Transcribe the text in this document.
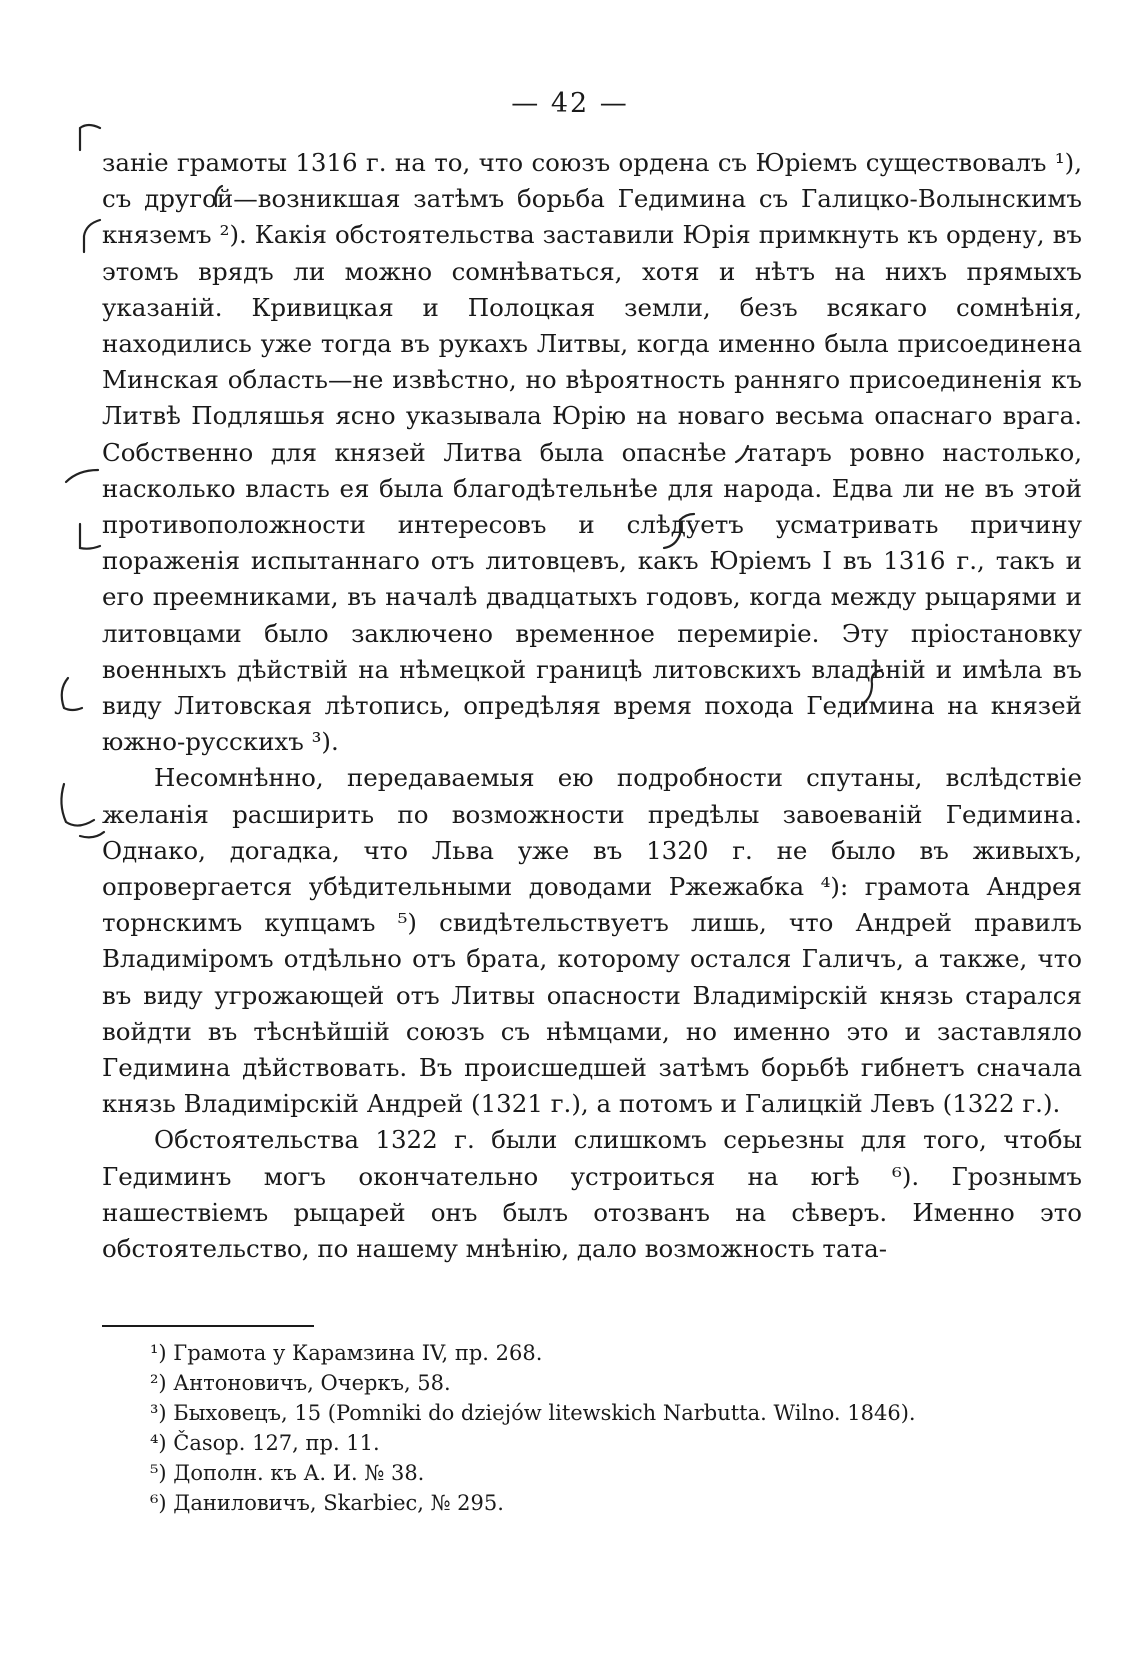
— 42 —

заніе грамоты 1316 г. на то, что союзъ ордена съ Юріемъ существовалъ ¹), съ другой—возникшая затѣмъ борьба Гедимина съ Галицко-Волынскимъ княземъ ²). Какія обстоятельства заставили Юрія примкнуть къ ордену, въ этомъ врядъ ли можно сомнѣваться, хотя и нѣтъ на нихъ прямыхъ указаній. Кривицкая и Полоцкая земли, безъ всякаго сомнѣнія, находились уже тогда въ рукахъ Литвы, когда именно была присоединена Минская область—не извѣстно, но вѣроятность ранняго присоединенія къ Литвѣ Подляшья ясно указывала Юрію на новаго весьма опаснаго врага. Собственно для князей Литва была опаснѣе татаръ ровно настолько, насколько власть ея была благодѣтельнѣе для народа. Едва ли не въ этой противоположности интересовъ и слѣдуетъ усматривать причину пораженія испытаннаго отъ литовцевъ, какъ Юріемъ I въ 1316 г., такъ и его преемниками, въ началѣ двадцатыхъ годовъ, когда между рыцарями и литовцами было заключено временное перемиріе. Эту пріостановку военныхъ дѣйствій на нѣмецкой границѣ литовскихъ владѣній и имѣла въ виду Литовская лѣтопись, опредѣляя время похода Гедимина на князей южно-русскихъ ³).

Несомнѣнно, передаваемыя ею подробности спутаны, вслѣдствіе желанія расширить по возможности предѣлы завоеваній Гедимина. Однако, догадка, что Льва уже въ 1320 г. не было въ живыхъ, опровергается убѣдительными доводами Ржежабка ⁴): грамота Андрея торнскимъ купцамъ ⁵) свидѣтельствуетъ лишь, что Андрей правилъ Владиміромъ отдѣльно отъ брата, которому остался Галичъ, а также, что въ виду угрожающей отъ Литвы опасности Владимірскій князь старался войдти въ тѣснѣйшій союзъ съ нѣмцами, но именно это и заставляло Гедимина дѣйствовать. Въ происшедшей затѣмъ борьбѣ гибнетъ сначала князь Владимірскій Андрей (1321 г.), а потомъ и Галицкій Левъ (1322 г.).

Обстоятельства 1322 г. были слишкомъ серьезны для того, чтобы Гедиминъ могъ окончательно устроиться на югѣ ⁶). Грознымъ нашествіемъ рыцарей онъ былъ отозванъ на сѣверъ. Именно это обстоятельство, по нашему мнѣнію, дало возможность тата-

¹) Грамота у Карамзина IV, пр. 268.

²) Антоновичъ, Очеркъ, 58.

³) Быховецъ, 15 (Pomniki do dziejów litewskich Narbutta. Wilno. 1846).

⁴) Časop. 127, пр. 11.

⁵) Дополн. къ А. И. № 38.

⁶) Даниловичъ, Skarbiec, № 295.
